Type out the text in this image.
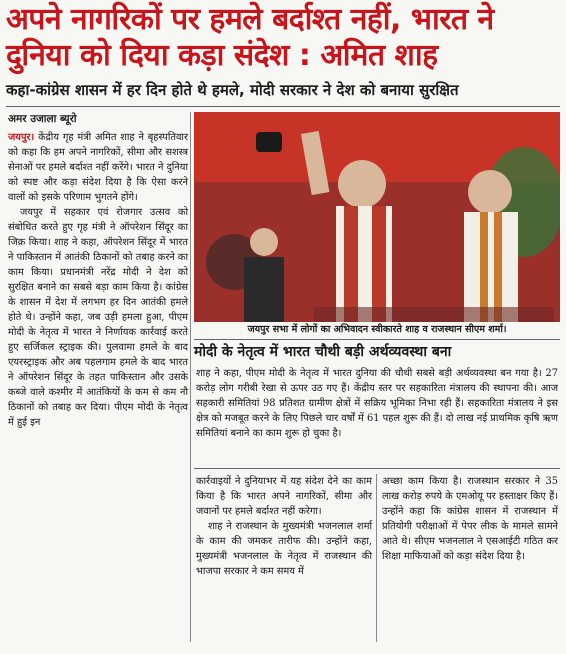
अपने नागरिकों पर हमले बर्दाश्त नहीं, भारत ने दुनिया को दिया कड़ा संदेश : अमित शाह
कहा-कांग्रेस शासन में हर दिन होते थे हमले, मोदी सरकार ने देश को बनाया सुरक्षित
अमर उजाला ब्यूरो

जयपुर। केंद्रीय गृह मंत्री अमित शाह ने बृहस्पतिवार को कहा कि हम अपने नागरिकों, सीमा और सशस्त्र सेनाओं पर हमले बर्दाश्त नहीं करेंगे। भारत ने दुनिया को स्पष्ट और कड़ा संदेश दिया है कि ऐसा करने वालों को इसके परिणाम भुगतने होंगे।

जयपुर में सहकार एवं रोजगार उत्सव को संबोधित करते हुए गृह मंत्री ने ऑपरेशन सिंदूर का जिक्र किया। शाह ने कहा, ऑपरेशन सिंदूर में भारत ने पाकिस्तान में आतंकी ठिकानों को तबाह करने का काम किया। प्रधानमंत्री नरेंद्र मोदी ने देश को सुरक्षित बनाने का सबसे बड़ा काम किया है। कांग्रेस के शासन में देश में लगभग हर दिन आतंकी हमले होते थे। उन्होंने कहा, जब उड़ी हमला हुआ, पीएम मोदी के नेतृत्व में भारत ने निर्णायक कार्रवाई करते हुए सर्जिकल स्ट्राइक की। पुलवामा हमले के बाद एयरस्ट्राइक और अब पहलगाम हमले के बाद भारत ने ऑपरेशन सिंदूर के तहत पाकिस्तान और उसके कब्जे वाले कश्मीर में आतंकियों के कम से कम नौ ठिकानों को तबाह कर दिया। पीएम मोदी के नेतृत्व में हुई इन

जयपुर सभा में लोगों का अभिवादन स्वीकारते शाह व राजस्थान सीएम शर्मा।
मोदी के नेतृत्व में भारत चौथी बड़ी अर्थव्यवस्था बना
शाह ने कहा, पीएम मोदी के नेतृत्व में भारत दुनिया की चौथी सबसे बड़ी अर्थव्यवस्था बन गया है। 27 करोड़ लोग गरीबी रेखा से ऊपर उठ गए हैं। केंद्रीय स्तर पर सहकारिता मंत्रालय की स्थापना की। आज सहकारी समितियां 98 प्रतिशत ग्रामीण क्षेत्रों में सक्रिय भूमिका निभा रही हैं। सहकारिता मंत्रालय ने इस क्षेत्र को मजबूत करने के लिए पिछले चार वर्षों में 61 पहल शुरू की हैं। दो लाख नई प्राथमिक कृषि ऋण समितियां बनाने का काम शुरू हो चुका है।

कार्रवाइयों ने दुनियाभर में यह संदेश देने का काम किया है कि भारत अपने नागरिकों, सीमा और जवानों पर हमले बर्दाश्त नहीं करेगा।

शाह ने राजस्थान के मुख्यमंत्री भजनलाल शर्मा के काम की जमकर तारीफ की। उन्होंने कहा, मुख्यमंत्री भजनलाल के नेतृत्व में राजस्थान की भाजपा सरकार ने कम समय में

अच्छा काम किया है। राजस्थान सरकार ने 35 लाख करोड़ रुपये के एमओयू पर हस्ताक्षर किए हैं। उन्होंने कहा कि कांग्रेस शासन में राजस्थान में प्रतियोगी परीक्षाओं में पेपर लीक के मामले सामने आते थे। सीएम भजनलाल ने एसआईटी गठित कर शिक्षा माफियाओं को कड़ा संदेश दिया है।
